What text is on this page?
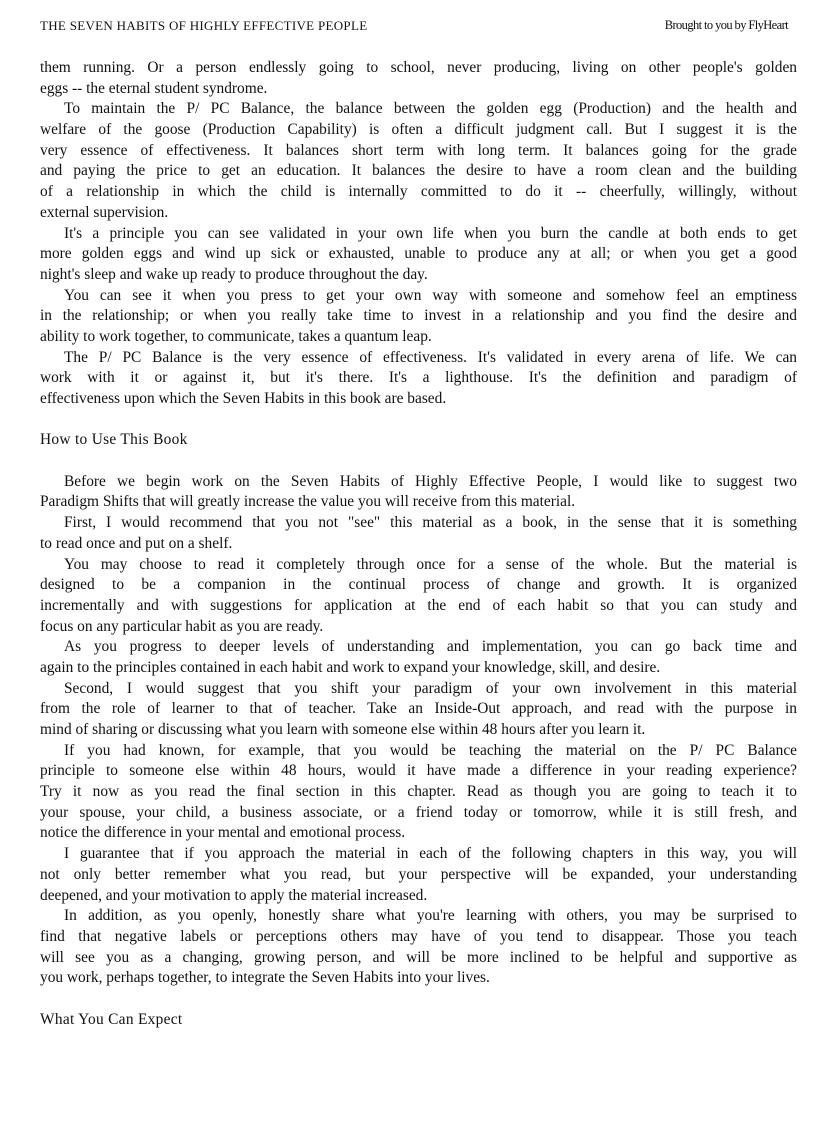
THE SEVEN HABITS OF HIGHLY EFFECTIVE PEOPLE	Brought to you by FlyHeart
them running. Or a person endlessly going to school, never producing, living on other people's golden
eggs -- the eternal student syndrome.
To maintain the P/ PC Balance, the balance between the golden egg (Production) and the health and
welfare of the goose (Production Capability) is often a difficult judgment call. But I suggest it is the
very essence of effectiveness. It balances short term with long term. It balances going for the grade
and paying the price to get an education. It balances the desire to have a room clean and the building
of a relationship in which the child is internally committed to do it -- cheerfully, willingly, without
external supervision.
It's a principle you can see validated in your own life when you burn the candle at both ends to get
more golden eggs and wind up sick or exhausted, unable to produce any at all; or when you get a good
night's sleep and wake up ready to produce throughout the day.
You can see it when you press to get your own way with someone and somehow feel an emptiness
in the relationship; or when you really take time to invest in a relationship and you find the desire and
ability to work together, to communicate, takes a quantum leap.
The P/ PC Balance is the very essence of effectiveness. It's validated in every arena of life. We can
work with it or against it, but it's there. It's a lighthouse. It's the definition and paradigm of
effectiveness upon which the Seven Habits in this book are based.
How to Use This Book
Before we begin work on the Seven Habits of Highly Effective People, I would like to suggest two
Paradigm Shifts that will greatly increase the value you will receive from this material.
First, I would recommend that you not "see" this material as a book, in the sense that it is something
to read once and put on a shelf.
You may choose to read it completely through once for a sense of the whole. But the material is
designed to be a companion in the continual process of change and growth. It is organized
incrementally and with suggestions for application at the end of each habit so that you can study and
focus on any particular habit as you are ready.
As you progress to deeper levels of understanding and implementation, you can go back time and
again to the principles contained in each habit and work to expand your knowledge, skill, and desire.
Second, I would suggest that you shift your paradigm of your own involvement in this material
from the role of learner to that of teacher. Take an Inside-Out approach, and read with the purpose in
mind of sharing or discussing what you learn with someone else within 48 hours after you learn it.
If you had known, for example, that you would be teaching the material on the P/ PC Balance
principle to someone else within 48 hours, would it have made a difference in your reading experience?
Try it now as you read the final section in this chapter. Read as though you are going to teach it to
your spouse, your child, a business associate, or a friend today or tomorrow, while it is still fresh, and
notice the difference in your mental and emotional process.
I guarantee that if you approach the material in each of the following chapters in this way, you will
not only better remember what you read, but your perspective will be expanded, your understanding
deepened, and your motivation to apply the material increased.
In addition, as you openly, honestly share what you're learning with others, you may be surprised to
find that negative labels or perceptions others may have of you tend to disappear. Those you teach
will see you as a changing, growing person, and will be more inclined to be helpful and supportive as
you work, perhaps together, to integrate the Seven Habits into your lives.
What You Can Expect
